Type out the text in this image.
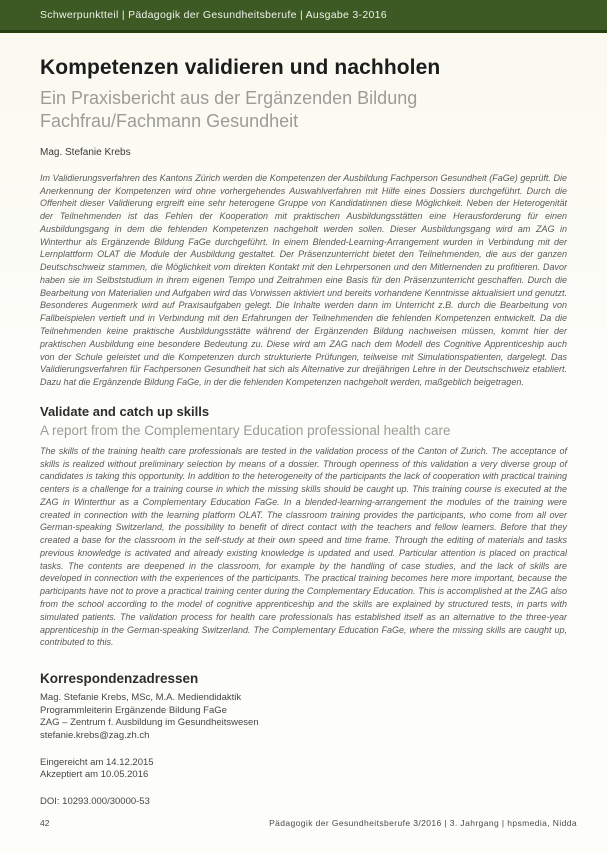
Schwerpunktteil | Pädagogik der Gesundheitsberufe | Ausgabe 3-2016
Kompetenzen validieren und nachholen
Ein Praxisbericht aus der Ergänzenden Bildung Fachfrau/Fachmann Gesundheit
Mag. Stefanie Krebs

Im Validierungsverfahren des Kantons Zürich werden die Kompetenzen der Ausbildung Fachperson Gesundheit (FaGe) geprüft. Die Anerkennung der Kompetenzen wird ohne vorhergehendes Auswahlverfahren mit Hilfe eines Dossiers durchgeführt. Durch die Offenheit dieser Validierung ergreift eine sehr heterogene Gruppe von Kandidatinnen diese Möglichkeit. Neben der Heterogenität der Teilnehmenden ist das Fehlen der Kooperation mit praktischen Ausbildungsstätten eine Herausforderung für einen Ausbildungsgang in dem die fehlenden Kompetenzen nachgeholt werden sollen. Dieser Ausbildungsgang wird am ZAG in Winterthur als Ergänzende Bildung FaGe durchgeführt. In einem Blended-Learning-Arrangement wurden in Verbindung mit der Lernplattform OLAT die Module der Ausbildung gestaltet. Der Präsenzunterricht bietet den Teilnehmenden, die aus der ganzen Deutschschweiz stammen, die Möglichkeit vom direkten Kontakt mit den Lehrpersonen und den Mitlernenden zu profitieren. Davor haben sie im Selbststudium in ihrem eigenen Tempo und Zeitrahmen eine Basis für den Präsenzunterricht geschaffen. Durch die Bearbeitung von Materialien und Aufgaben wird das Vorwissen aktiviert und bereits vorhandene Kenntnisse aktualisiert und genutzt. Besonderes Augenmerk wird auf Praxisaufgaben gelegt. Die Inhalte werden dann im Unterricht z.B. durch die Bearbeitung von Fallbeispielen vertieft und in Verbindung mit den Erfahrungen der Teilnehmenden die fehlenden Kompetenzen entwickelt. Da die Teilnehmenden keine praktische Ausbildungsstätte während der Ergänzenden Bildung nachweisen müssen, kommt hier der praktischen Ausbildung eine besondere Bedeutung zu. Diese wird am ZAG nach dem Modell des Cognitive Apprenticeship auch von der Schule geleistet und die Kompetenzen durch strukturierte Prüfungen, teilweise mit Simulationspatienten, dargelegt. Das Validierungsverfahren für Fachpersonen Gesundheit hat sich als Alternative zur dreijährigen Lehre in der Deutschschweiz etabliert. Dazu hat die Ergänzende Bildung FaGe, in der die fehlenden Kompetenzen nachgeholt werden, maßgeblich beigetragen.

Validate and catch up skills
A report from the Complementary Education professional health care

The skills of the training health care professionals are tested in the validation process of the Canton of Zurich. The acceptance of skills is realized without preliminary selection by means of a dossier. Through openness of this validation a very diverse group of candidates is taking this opportunity. In addition to the heterogeneity of the participants the lack of cooperation with practical training centers is a challenge for a training course in which the missing skills should be caught up. This training course is executed at the ZAG in Winterthur as a Complementary Education FaGe. In a blended-learning-arrangement the modules of the training were created in connection with the learning platform OLAT. The classroom training provides the participants, who come from all over German-speaking Switzerland, the possibility to benefit of direct contact with the teachers and fellow learners. Before that they created a base for the classroom in the self-study at their own speed and time frame. Through the editing of materials and tasks previous knowledge is activated and already existing knowledge is updated and used. Particular attention is placed on practical tasks. The contents are deepened in the classroom, for example by the handling of case studies, and the lack of skills are developed in connection with the experiences of the participants. The practical training becomes here more important, because the participants have not to prove a practical training center during the Complementary Education. This is accomplished at the ZAG also from the school according to the model of cognitive apprenticeship and the skills are explained by structured tests, in parts with simulated patients. The validation process for health care professionals has established itself as an alternative to the three-year apprenticeship in the German-speaking Switzerland. The Complementary Education FaGe, where the missing skills are caught up, contributed to this.

Korrespondenzadressen
Mag. Stefanie Krebs, MSc, M.A. Mediendidaktik
Programmleiterin Ergänzende Bildung FaGe
ZAG – Zentrum f. Ausbildung im Gesundheitswesen
stefanie.krebs@zag.zh.ch
Eingereicht am 14.12.2015
Akzeptiert am 10.05.2016
DOI: 10293.000/30000-53
42	Pädagogik der Gesundheitsberufe 3/2016 | 3. Jahrgang | hpsmedia, Nidda
